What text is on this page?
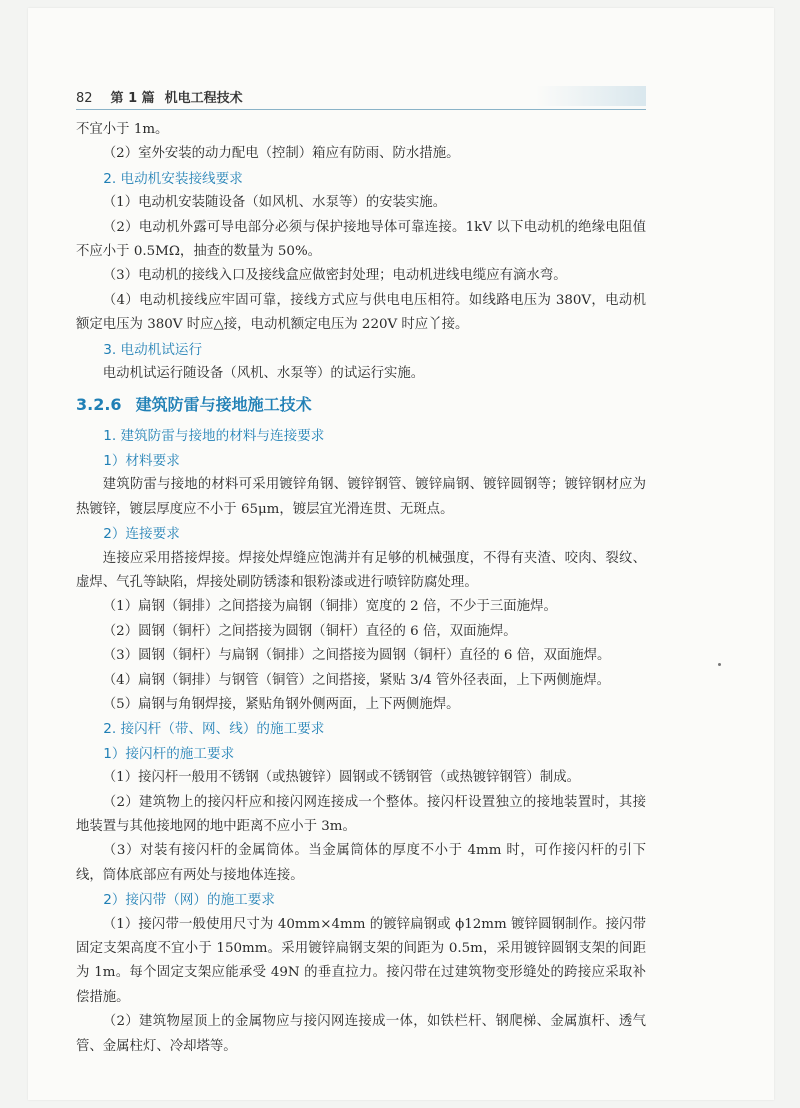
82 第 1 篇 机电工程技术

不宜小于 1m。

（2）室外安装的动力配电（控制）箱应有防雨、防水措施。

2. 电动机安装接线要求

（1）电动机安装随设备（如风机、水泵等）的安装实施。

（2）电动机外露可导电部分必须与保护接地导体可靠连接。1kV 以下电动机的绝缘电阻值不应小于 0.5MΩ，抽查的数量为 50%。

（3）电动机的接线入口及接线盒应做密封处理；电动机进线电缆应有滴水弯。

（4）电动机接线应牢固可靠，接线方式应与供电电压相符。如线路电压为 380V，电动机额定电压为 380V 时应△接，电动机额定电压为 220V 时应丫接。

3. 电动机试运行

电动机试运行随设备（风机、水泵等）的试运行实施。

3.2.6 建筑防雷与接地施工技术
1. 建筑防雷与接地的材料与连接要求
1）材料要求

建筑防雷与接地的材料可采用镀锌角钢、镀锌钢管、镀锌扁钢、镀锌圆钢等；镀锌钢材应为热镀锌，镀层厚度应不小于 65μm，镀层宜光滑连贯、无斑点。

2）连接要求

连接应采用搭接焊接。焊接处焊缝应饱满并有足够的机械强度，不得有夹渣、咬肉、裂纹、虚焊、气孔等缺陷，焊接处刷防锈漆和银粉漆或进行喷锌防腐处理。

（1）扁钢（铜排）之间搭接为扁钢（铜排）宽度的 2 倍，不少于三面施焊。

（2）圆钢（铜杆）之间搭接为圆钢（铜杆）直径的 6 倍，双面施焊。

（3）圆钢（铜杆）与扁钢（铜排）之间搭接为圆钢（铜杆）直径的 6 倍，双面施焊。

（4）扁钢（铜排）与钢管（铜管）之间搭接，紧贴 3/4 管外径表面，上下两侧施焊。

（5）扁钢与角钢焊接，紧贴角钢外侧两面，上下两侧施焊。

2. 接闪杆（带、网、线）的施工要求
1）接闪杆的施工要求

（1）接闪杆一般用不锈钢（或热镀锌）圆钢或不锈钢管（或热镀锌钢管）制成。

（2）建筑物上的接闪杆应和接闪网连接成一个整体。接闪杆设置独立的接地装置时，其接地装置与其他接地网的地中距离不应小于 3m。

（3）对装有接闪杆的金属筒体。当金属筒体的厚度不小于 4mm 时，可作接闪杆的引下线，筒体底部应有两处与接地体连接。

2）接闪带（网）的施工要求

（1）接闪带一般使用尺寸为 40mm×4mm 的镀锌扁钢或 ϕ12mm 镀锌圆钢制作。接闪带固定支架高度不宜小于 150mm。采用镀锌扁钢支架的间距为 0.5m，采用镀锌圆钢支架的间距为 1m。每个固定支架应能承受 49N 的垂直拉力。接闪带在过建筑物变形缝处的跨接应采取补偿措施。

（2）建筑物屋顶上的金属物应与接闪网连接成一体，如铁栏杆、钢爬梯、金属旗杆、透气管、金属柱灯、冷却塔等。
